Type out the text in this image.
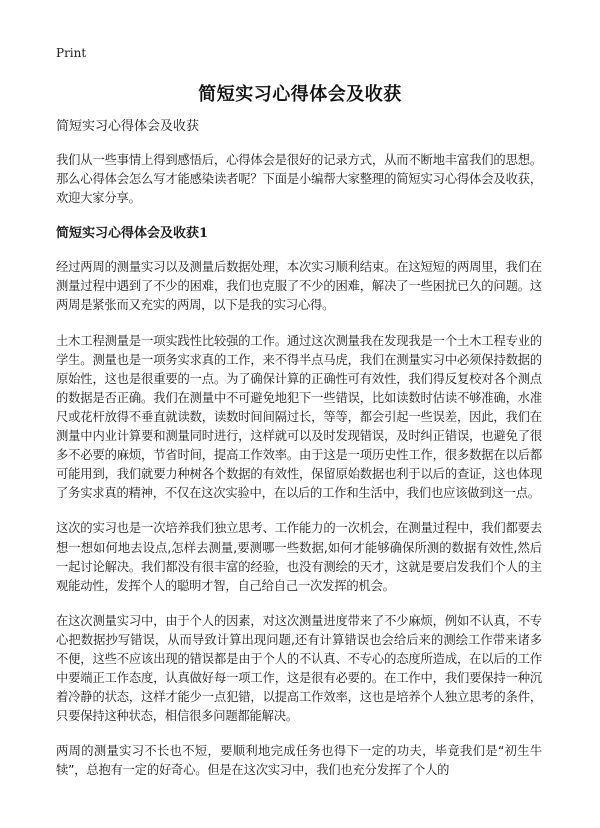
Print
简短实习心得体会及收获

简短实习心得体会及收获

我们从一些事情上得到感悟后，心得体会是很好的记录方式，从而不断地丰富我们的思想。那么心得体会怎么写才能感染读者呢？下面是小编帮大家整理的简短实习心得体会及收获，欢迎大家分享。

简短实习心得体会及收获1

经过两周的测量实习以及测量后数据处理，本次实习顺利结束。在这短短的两周里，我们在测量过程中遇到了不少的困难，我们也克服了不少的困难，解决了一些困扰已久的问题。这两周是紧张而又充实的两周，以下是我的实习心得。

土木工程测量是一项实践性比较强的工作。通过这次测量我在发现我是一个土木工程专业的学生。测量也是一项务实求真的工作，来不得半点马虎，我们在测量实习中必须保持数据的原始性，这也是很重要的一点。为了确保计算的正确性可有效性，我们得反复校对各个测点的数据是否正确。我们在测量中不可避免地犯下一些错误，比如读数时估读不够准确，水准尺或花杆放得不垂直就读数，读数时间间隔过长，等等，都会引起一些误差，因此，我们在测量中内业计算要和测量同时进行，这样就可以及时发现错误，及时纠正错误，也避免了很多不必要的麻烦，节省时间，提高工作效率。由于这是一项历史性工作，很多数据在以后都可能用到，我们就要力种树各个数据的有效性，保留原始数据也利于以后的查证，这也体现了务实求真的精神，不仅在这次实验中，在以后的工作和生活中，我们也应该做到这一点。

这次的实习也是一次培养我们独立思考、工作能力的一次机会，在测量过程中，我们都要去想一想如何地去设点,怎样去测量,要测哪一些数据,如何才能够确保所测的数据有效性,然后一起讨论解决。我们都没有很丰富的经验，也没有测绘的天才，这就是要启发我们个人的主观能动性，发挥个人的聪明才智，自己给自己一次发挥的机会。

在这次测量实习中，由于个人的因素，对这次测量进度带来了不少麻烦，例如不认真，不专心把数据抄写错误，从而导致计算出现问题,还有计算错误也会给后来的测绘工作带来诸多不便，这些不应该出现的错误都是由于个人的不认真、不专心的态度所造成，在以后的工作中要端正工作态度，认真做好每一项工作，这是很有必要的。在工作中，我们要保持一种沉着冷静的状态，这样才能少一点犯错，以提高工作效率，这也是培养个人独立思考的条件，只要保持这种状态，相信很多问题都能解决。

两周的测量实习不长也不短，要顺利地完成任务也得下一定的功夫，毕竟我们是“初生牛犊”，总抱有一定的好奇心。但是在这次实习中，我们也充分发挥了个人的
